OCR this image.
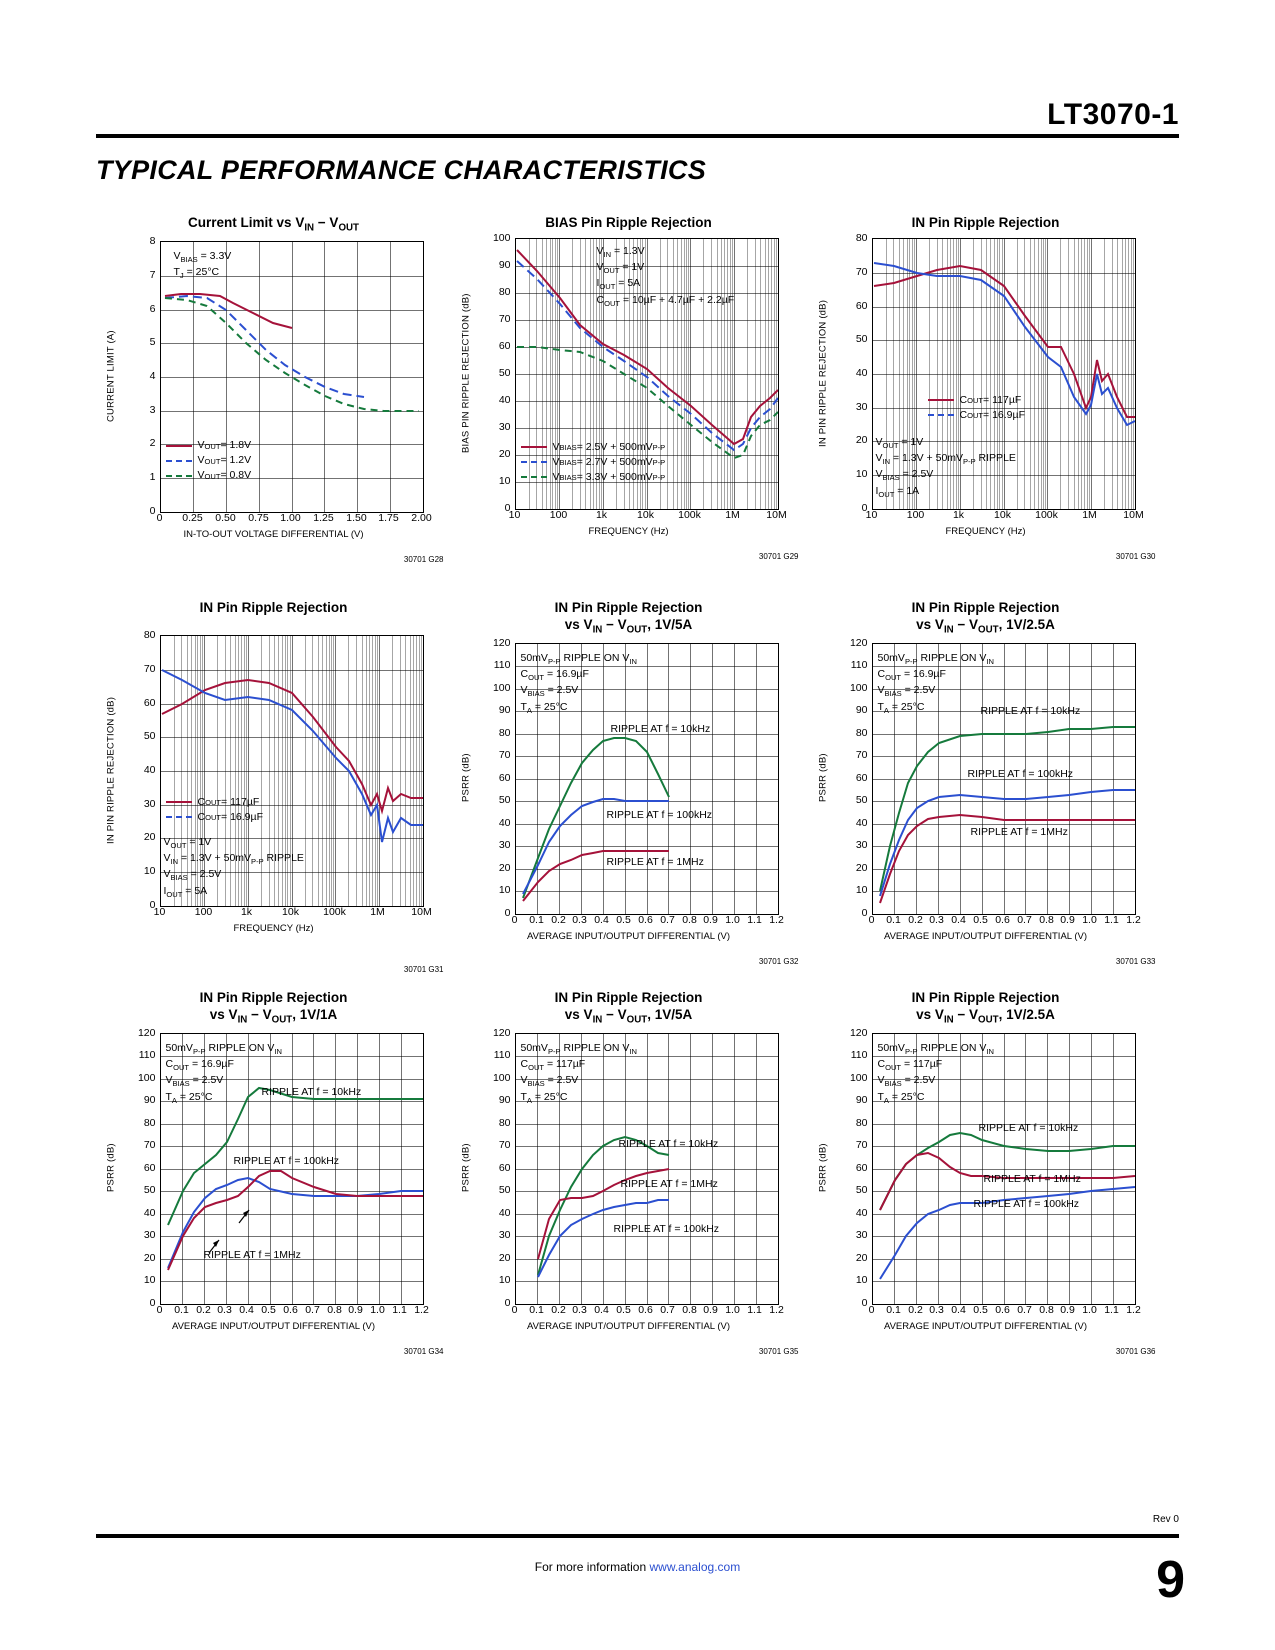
LT3070-1
TYPICAL PERFORMANCE CHARACTERISTICS
Current Limit vs $V_{IN} - V_{OUT}$
CURRENT LIMIT (A)
0
1
2
3
4
5
6
7
8
0 0.25 0.50 0.75 1.00 1.25 1.50 1.75 2.00
$V_{BIAS} = 3.3V$
$T_J = 25^\circ C$
V OUT = 1.8V
V OUT = 1.2V
V OUT = 0.8V
IN-TO-OUT VOLTAGE DIFFERENTIAL (V)
30701 G28
BIAS Pin Ripple Rejection
BIAS PIN RIPPLE REJECTION (dB)
0
10
20
30
40
50
60
70
80
90
100
10	100	1k	10k 100k 1M	10M
$V_{IN} = 1.3V$
$V_{OUT} = 1V$
$I_{OUT} = 5A$
$C_{OUT} = 10\mu F + 4.7\mu F + 2.2\mu F$
V BIAS = 2.5V + 500mV P-P
V BIAS = 2.7V + 500mV P-P
V BIAS = 3.3V + 500mV P-P
FREQUENCY (Hz)
30701 G29
IN Pin Ripple Rejection
IN PIN RIPPLE REJECTION (dB)
0
10
20
30
40
50
60
70
80
10	100	1k	10k 100k 1M	10M
C OUT = 117µF
C OUT = 16.9µF
$V_{OUT} = 1V$
$V_{IN} = 1.3V + 50mV_{P-P}$ RIPPLE
$V_{BIAS} = 2.5V$
$I_{OUT} = 1A$
FREQUENCY (Hz)
30701 G30
IN Pin Ripple Rejection
IN PIN RIPPLE REJECTION (dB)
0
10
20
30
40
50
60
70
80
10	100	1k	10k 100k 1M	10M
C OUT = 117µF
C OUT = 16.9µF
$V_{OUT} = 1V$
$V_{IN} = 1.3V + 50mV_{P-P}$ RIPPLE
$V_{BIAS} = 2.5V$
$I_{OUT} = 5A$
FREQUENCY (Hz)
30701 G31
IN Pin Ripple Rejection
vs $V_{IN} - V_{OUT}$, 1V/5A
PSRR (dB)
0
10
20
30
40
50
60
70
80
90
100
110
120
0 0.1 0.2 0.3 0.4 0.5 0.6 0.7 0.8 0.9 1.0 1.1 1.2
$50mV_{P-P}$ RIPPLE ON $V_{IN}$
$C_{OUT} = 16.9\mu F$
$V_{BIAS} = 2.5V$
$T_A = 25^\circ C$
RIPPLE AT f = 10kHz
RIPPLE AT f = 100kHz
RIPPLE AT f = 1MHz
AVERAGE INPUT/OUTPUT DIFFERENTIAL (V)
30701 G32
IN Pin Ripple Rejection
vs $V_{IN} - V_{OUT}$, 1V/2.5A
PSRR (dB)
0
10
20
30
40
50
60
70
80
90
100
110
120
0 0.1 0.2 0.3 0.4 0.5 0.6 0.7 0.8 0.9 1.0 1.1 1.2
$50mV_{P-P}$ RIPPLE ON $V_{IN}$
$C_{OUT} = 16.9\mu F$
$V_{BIAS} = 2.5V$
$T_A = 25^\circ C$	RIPPLE AT f = 10kHz
RIPPLE AT f = 100kHz
RIPPLE AT f = 1MHz
AVERAGE INPUT/OUTPUT DIFFERENTIAL (V)
30701 G33
IN Pin Ripple Rejection
vs $V_{IN} - V_{OUT}$, 1V/1A
PSRR (dB)
0
10
20
30
40
50
60
70
80
90
100
110
120
0 0.1 0.2 0.3 0.4 0.5 0.6 0.7 0.8 0.9 1.0 1.1 1.2
$50mV_{P-P}$ RIPPLE ON $V_{IN}$
$C_{OUT} = 16.9\mu F$
$V_{BIAS} = 2.5V$
$T_A = 25^\circ C$	RIPPLE AT f = 10kHz
RIPPLE AT f = 100kHz
RIPPLE AT f = 1MHz
AVERAGE INPUT/OUTPUT DIFFERENTIAL (V)
30701 G34
IN Pin Ripple Rejection
vs $V_{IN} - V_{OUT}$, 1V/5A
PSRR (dB)
0
10
20
30
40
50
60
70
80
90
100
110
120
0 0.1 0.2 0.3 0.4 0.5 0.6 0.7 0.8 0.9 1.0 1.1 1.2
$50mV_{P-P}$ RIPPLE ON $V_{IN}$
$C_{OUT} = 117\mu F$
$V_{BIAS} = 2.5V$
$T_A = 25^\circ C$
RIPPLE AT f = 10kHz
RIPPLE AT f = 1MHz
RIPPLE AT f = 100kHz
AVERAGE INPUT/OUTPUT DIFFERENTIAL (V)
30701 G35
IN Pin Ripple Rejection
vs $V_{IN} - V_{OUT}$, 1V/2.5A
PSRR (dB)
0
10
20
30
40
50
60
70
80
90
100
110
120
0 0.1 0.2 0.3 0.4 0.5 0.6 0.7 0.8 0.9 1.0 1.1 1.2
$50mV_{P-P}$ RIPPLE ON $V_{IN}$
$C_{OUT} = 117\mu F$
$V_{BIAS} = 2.5V$
$T_A = 25^\circ C$
RIPPLE AT f = 10kHz
RIPPLE AT f = 1MHz
RIPPLE AT f = 100kHz
AVERAGE INPUT/OUTPUT DIFFERENTIAL (V)
30701 G36
Rev 0
For more information www.analog.com	9
